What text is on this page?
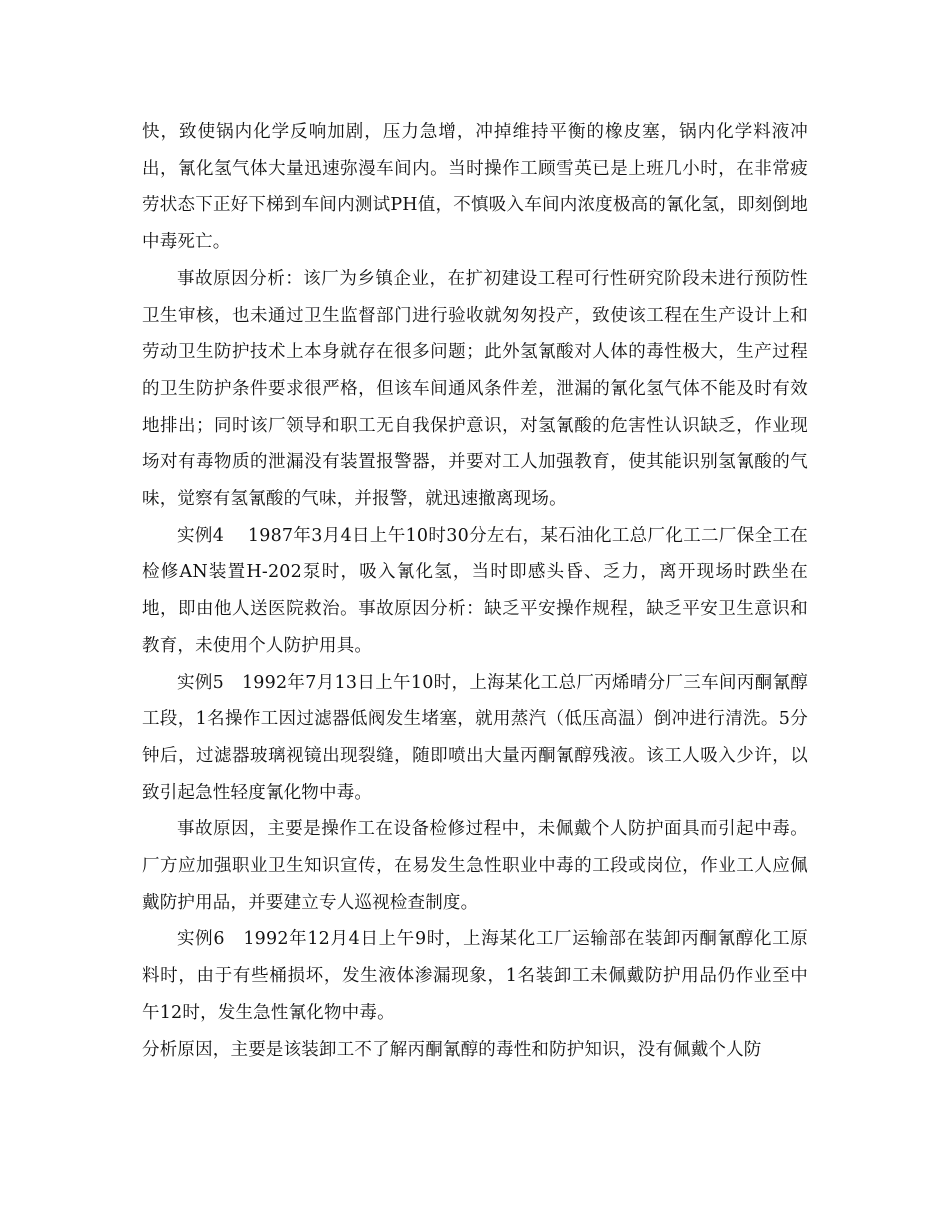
快，致使锅内化学反响加剧，压力急增，冲掉维持平衡的橡皮塞，锅内化学料液冲出，氰化氢气体大量迅速弥漫车间内。当时操作工顾雪英已是上班几小时，在非常疲劳状态下正好下梯到车间内测试PH值，不慎吸入车间内浓度极高的氰化氢，即刻倒地中毒死亡。

事故原因分析：该厂为乡镇企业，在扩初建设工程可行性研究阶段未进行预防性卫生审核，也未通过卫生监督部门进行验收就匆匆投产，致使该工程在生产设计上和劳动卫生防护技术上本身就存在很多问题；此外氢氰酸对人体的毒性极大，生产过程的卫生防护条件要求很严格，但该车间通风条件差，泄漏的氰化氢气体不能及时有效地排出；同时该厂领导和职工无自我保护意识，对氢氰酸的危害性认识缺乏，作业现场对有毒物质的泄漏没有装置报警器，并要对工人加强教育，使其能识别氢氰酸的气味，觉察有氢氰酸的气味，并报警，就迅速撤离现场。

实例4　 1987年3月4日上午10时30分左右，某石油化工总厂化工二厂保全工在检修AN装置H-202泵时，吸入氰化氢，当时即感头昏、乏力，离开现场时跌坐在地，即由他人送医院救治。事故原因分析：缺乏平安操作规程，缺乏平安卫生意识和教育，未使用个人防护用具。

实例5　1992年7月13日上午10时，上海某化工总厂丙烯晴分厂三车间丙酮氰醇工段，1名操作工因过滤器低阀发生堵塞，就用蒸汽（低压高温）倒冲进行清洗。5分钟后，过滤器玻璃视镜出现裂缝，随即喷出大量丙酮氰醇残液。该工人吸入少许，以致引起急性轻度氰化物中毒。

事故原因，主要是操作工在设备检修过程中，未佩戴个人防护面具而引起中毒。厂方应加强职业卫生知识宣传，在易发生急性职业中毒的工段或岗位，作业工人应佩戴防护用品，并要建立专人巡视检查制度。

实例6　1992年12月4日上午9时，上海某化工厂运输部在装卸丙酮氰醇化工原料时，由于有些桶损坏，发生液体渗漏现象，1名装卸工未佩戴防护用品仍作业至中午12时，发生急性氰化物中毒。

分析原因，主要是该装卸工不了解丙酮氰醇的毒性和防护知识，没有佩戴个人防
